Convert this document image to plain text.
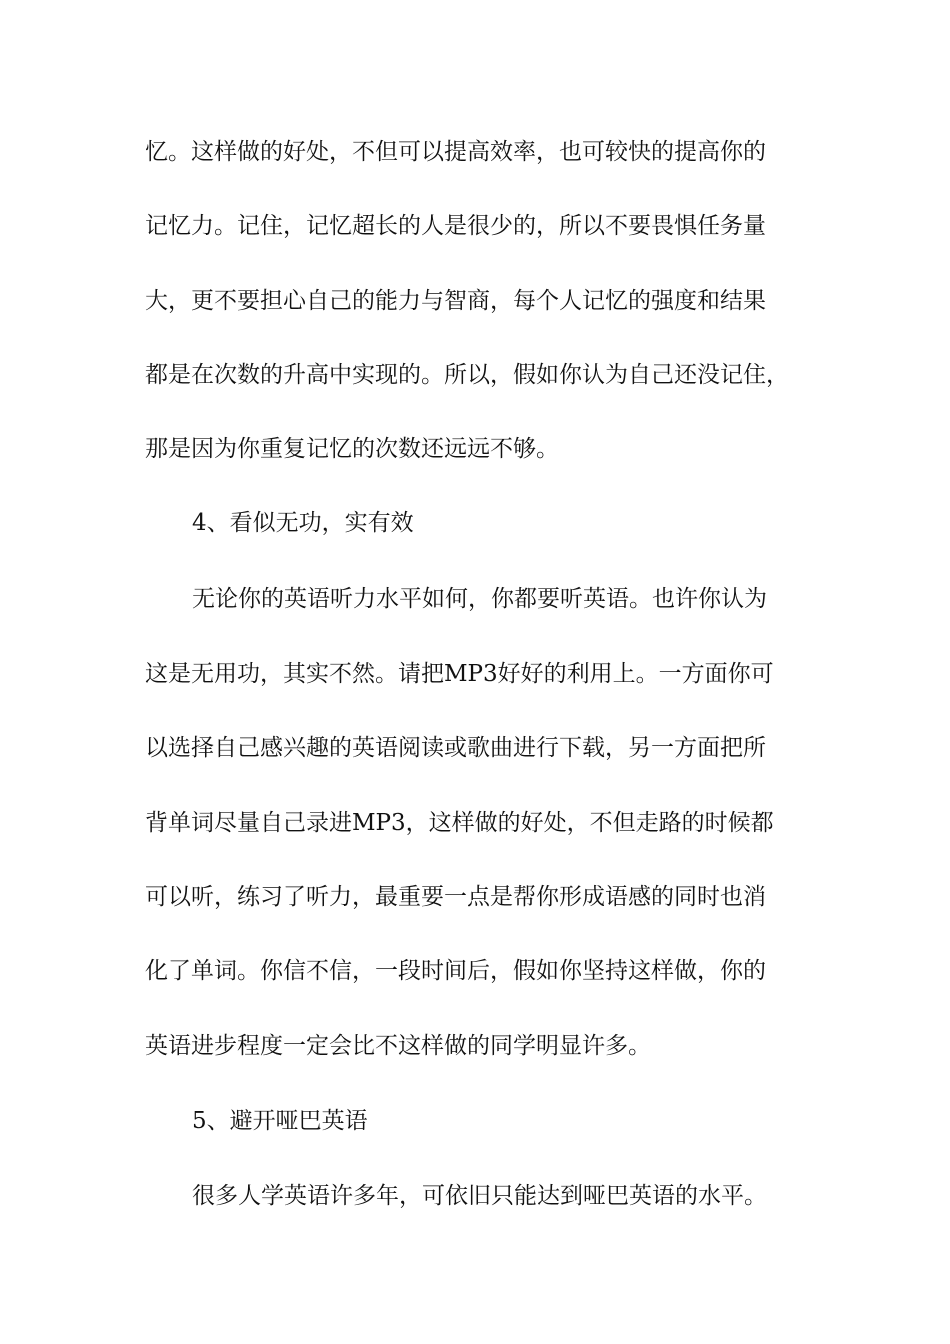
忆。这样做的好处，不但可以提高效率，也可较快的提高你的
记忆力。记住，记忆超长的人是很少的，所以不要畏惧任务量
大，更不要担心自己的能力与智商，每个人记忆的强度和结果
都是在次数的升高中实现的。所以，假如你认为自己还没记住，
那是因为你重复记忆的次数还远远不够。
4、看似无功，实有效
无论你的英语听力水平如何，你都要听英语。也许你认为
这是无用功，其实不然。请把MP3好好的利用上。一方面你可
以选择自己感兴趣的英语阅读或歌曲进行下载，另一方面把所
背单词尽量自己录进MP3，这样做的好处，不但走路的时候都
可以听，练习了听力，最重要一点是帮你形成语感的同时也消
化了单词。你信不信，一段时间后，假如你坚持这样做，你的
英语进步程度一定会比不这样做的同学明显许多。
5、避开哑巴英语
很多人学英语许多年，可依旧只能达到哑巴英语的水平。
